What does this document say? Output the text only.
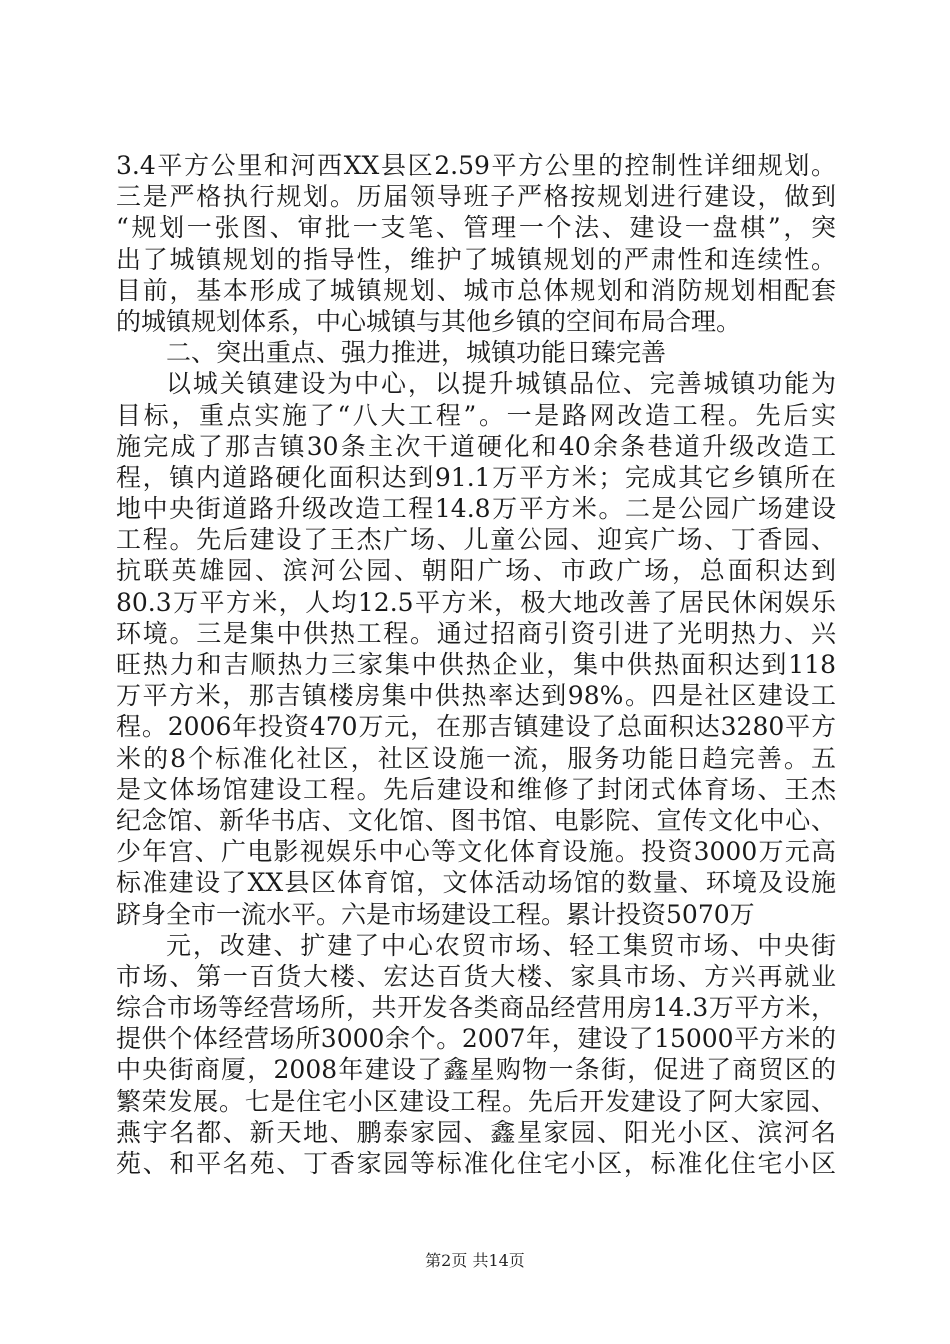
3.4平方公里和河西XX县区2.59平方公里的控制性详细规划。
三是严格执行规划。历届领导班子严格按规划进行建设，做到
“规划一张图、审批一支笔、管理一个法、建设一盘棋”，突
出了城镇规划的指导性，维护了城镇规划的严肃性和连续性。
目前，基本形成了城镇规划、城市总体规划和消防规划相配套
的城镇规划体系，中心城镇与其他乡镇的空间布局合理。
二、突出重点、强力推进，城镇功能日臻完善
以城关镇建设为中心，以提升城镇品位、完善城镇功能为
目标，重点实施了“八大工程”。一是路网改造工程。先后实
施完成了那吉镇30条主次干道硬化和40余条巷道升级改造工
程，镇内道路硬化面积达到91.1万平方米；完成其它乡镇所在
地中央街道路升级改造工程14.8万平方米。二是公园广场建设
工程。先后建设了王杰广场、儿童公园、迎宾广场、丁香园、
抗联英雄园、滨河公园、朝阳广场、市政广场，总面积达到
80.3万平方米，人均12.5平方米，极大地改善了居民休闲娱乐
环境。三是集中供热工程。通过招商引资引进了光明热力、兴
旺热力和吉顺热力三家集中供热企业，集中供热面积达到118
万平方米，那吉镇楼房集中供热率达到98%。四是社区建设工
程。2006年投资470万元，在那吉镇建设了总面积达3280平方
米的8个标准化社区，社区设施一流，服务功能日趋完善。五
是文体场馆建设工程。先后建设和维修了封闭式体育场、王杰
纪念馆、新华书店、文化馆、图书馆、电影院、宣传文化中心、
少年宫、广电影视娱乐中心等文化体育设施。投资3000万元高
标准建设了XX县区体育馆，文体活动场馆的数量、环境及设施
跻身全市一流水平。六是市场建设工程。累计投资5070万
元，改建、扩建了中心农贸市场、轻工集贸市场、中央街
市场、第一百货大楼、宏达百货大楼、家具市场、方兴再就业
综合市场等经营场所，共开发各类商品经营用房14.3万平方米，
提供个体经营场所3000余个。2007年，建设了15000平方米的
中央街商厦，2008年建设了鑫星购物一条街，促进了商贸区的
繁荣发展。七是住宅小区建设工程。先后开发建设了阿大家园、
燕宇名都、新天地、鹏泰家园、鑫星家园、阳光小区、滨河名
苑、和平名苑、丁香家园等标准化住宅小区，标准化住宅小区
第2页 共14页
